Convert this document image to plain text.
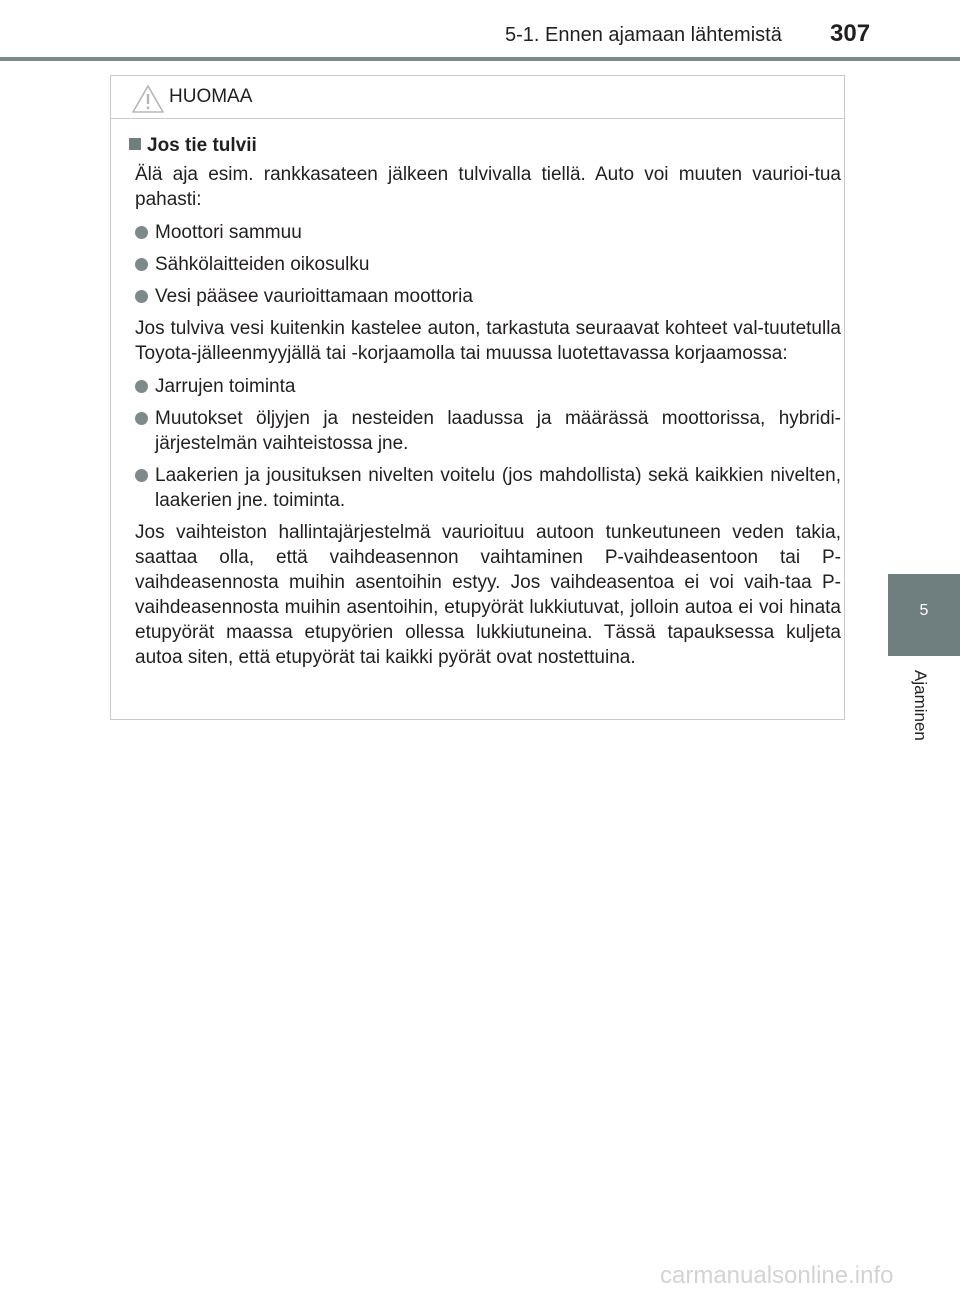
5-1. Ennen ajamaan lähtemistä 307
5
Ajaminen
HUOMAA
Jos tie tulvii

Älä aja esim. rankkasateen jälkeen tulvivalla tiellä. Auto voi muuten vaurioi-tua pahasti:

Moottori sammuu
Sähkölaitteiden oikosulku
Vesi pääsee vaurioittamaan moottoria

Jos tulviva vesi kuitenkin kastelee auton, tarkastuta seuraavat kohteet val-tuutetulla Toyota-jälleenmyyjällä tai -korjaamolla tai muussa luotettavassa korjaamossa:

Jarrujen toiminta
Muutokset öljyjen ja nesteiden laadussa ja määrässä moottorissa, hybridi-järjestelmän vaihteistossa jne.
Laakerien ja jousituksen nivelten voitelu (jos mahdollista) sekä kaikkien nivelten, laakerien jne. toiminta.

Jos vaihteiston hallintajärjestelmä vaurioituu autoon tunkeutuneen veden takia, saattaa olla, että vaihdeasennon vaihtaminen P-vaihdeasentoon tai P-vaihdeasennosta muihin asentoihin estyy. Jos vaihdeasentoa ei voi vaih-taa P-vaihdeasennosta muihin asentoihin, etupyörät lukkiutuvat, jolloin autoa ei voi hinata etupyörät maassa etupyörien ollessa lukkiutuneina. Tässä tapauksessa kuljeta autoa siten, että etupyörät tai kaikki pyörät ovat nostettuina.

carmanualsonline.info
